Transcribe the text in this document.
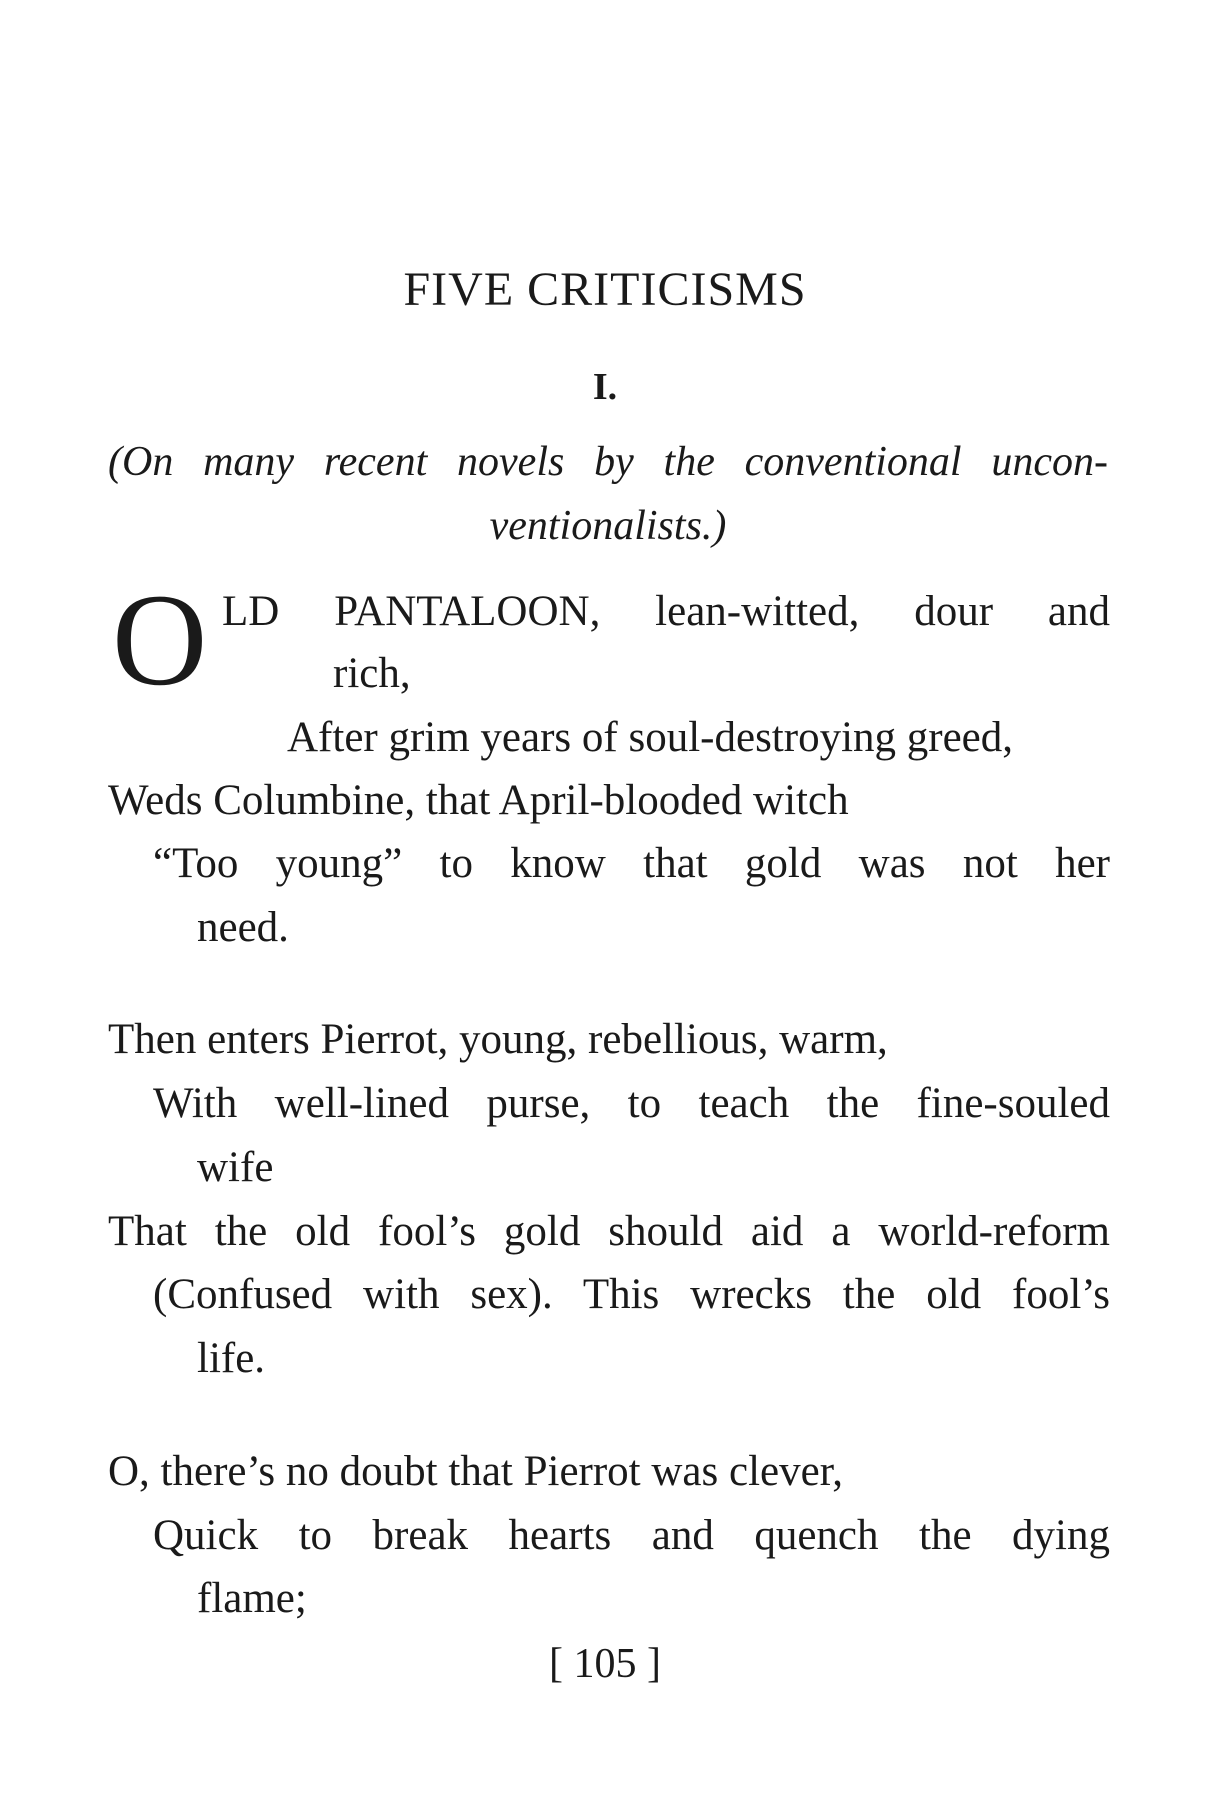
FIVE CRITICISMS
I.
(On many recent novels by the conventional uncon-
ventionalists.)
O LD PANTALOON, lean-witted, dour and
rich,
After grim years of soul-destroying greed,
Weds Columbine, that April-blooded witch
“Too young” to know that gold was not her
need.
Then enters Pierrot, young, rebellious, warm,
With well-lined purse, to teach the fine-souled
wife
That the old fool’s gold should aid a world-reform
(Confused with sex). This wrecks the old fool’s
life.
O, there’s no doubt that Pierrot was clever,
Quick to break hearts and quench the dying
flame;
[ 105 ]
